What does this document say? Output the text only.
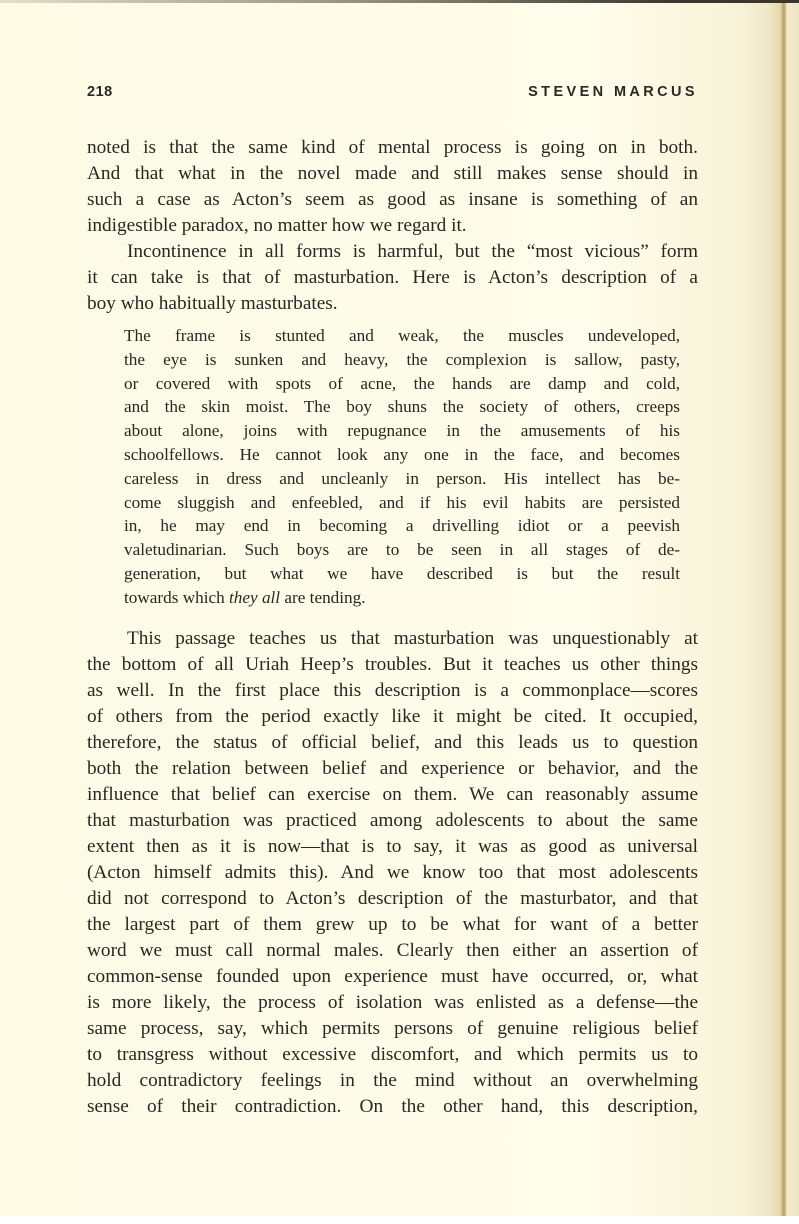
218	STEVEN MARCUS
noted is that the same kind of mental process is going on in both.
And that what in the novel made and still makes sense should in
such a case as Acton’s seem as good as insane is something of an
indigestible paradox, no matter how we regard it.
Incontinence in all forms is harmful, but the “most vicious” form
it can take is that of masturbation. Here is Acton’s description of a
boy who habitually masturbates.
The frame is stunted and weak, the muscles undeveloped,
the eye is sunken and heavy, the complexion is sallow, pasty,
or covered with spots of acne, the hands are damp and cold,
and the skin moist. The boy shuns the society of others, creeps
about alone, joins with repugnance in the amusements of his
schoolfellows. He cannot look any one in the face, and becomes
careless in dress and uncleanly in person. His intellect has be-
come sluggish and enfeebled, and if his evil habits are persisted
in, he may end in becoming a drivelling idiot or a peevish
valetudinarian. Such boys are to be seen in all stages of de-
generation, but what we have described is but the result
towards which they all are tending.
This passage teaches us that masturbation was unquestionably at
the bottom of all Uriah Heep’s troubles. But it teaches us other things
as well. In the first place this description is a commonplace—scores
of others from the period exactly like it might be cited. It occupied,
therefore, the status of official belief, and this leads us to question
both the relation between belief and experience or behavior, and the
influence that belief can exercise on them. We can reasonably assume
that masturbation was practiced among adolescents to about the same
extent then as it is now—that is to say, it was as good as universal
(Acton himself admits this). And we know too that most adolescents
did not correspond to Acton’s description of the masturbator, and that
the largest part of them grew up to be what for want of a better
word we must call normal males. Clearly then either an assertion of
common-sense founded upon experience must have occurred, or, what
is more likely, the process of isolation was enlisted as a defense—the
same process, say, which permits persons of genuine religious belief
to transgress without excessive discomfort, and which permits us to
hold contradictory feelings in the mind without an overwhelming
sense of their contradiction. On the other hand, this description,
